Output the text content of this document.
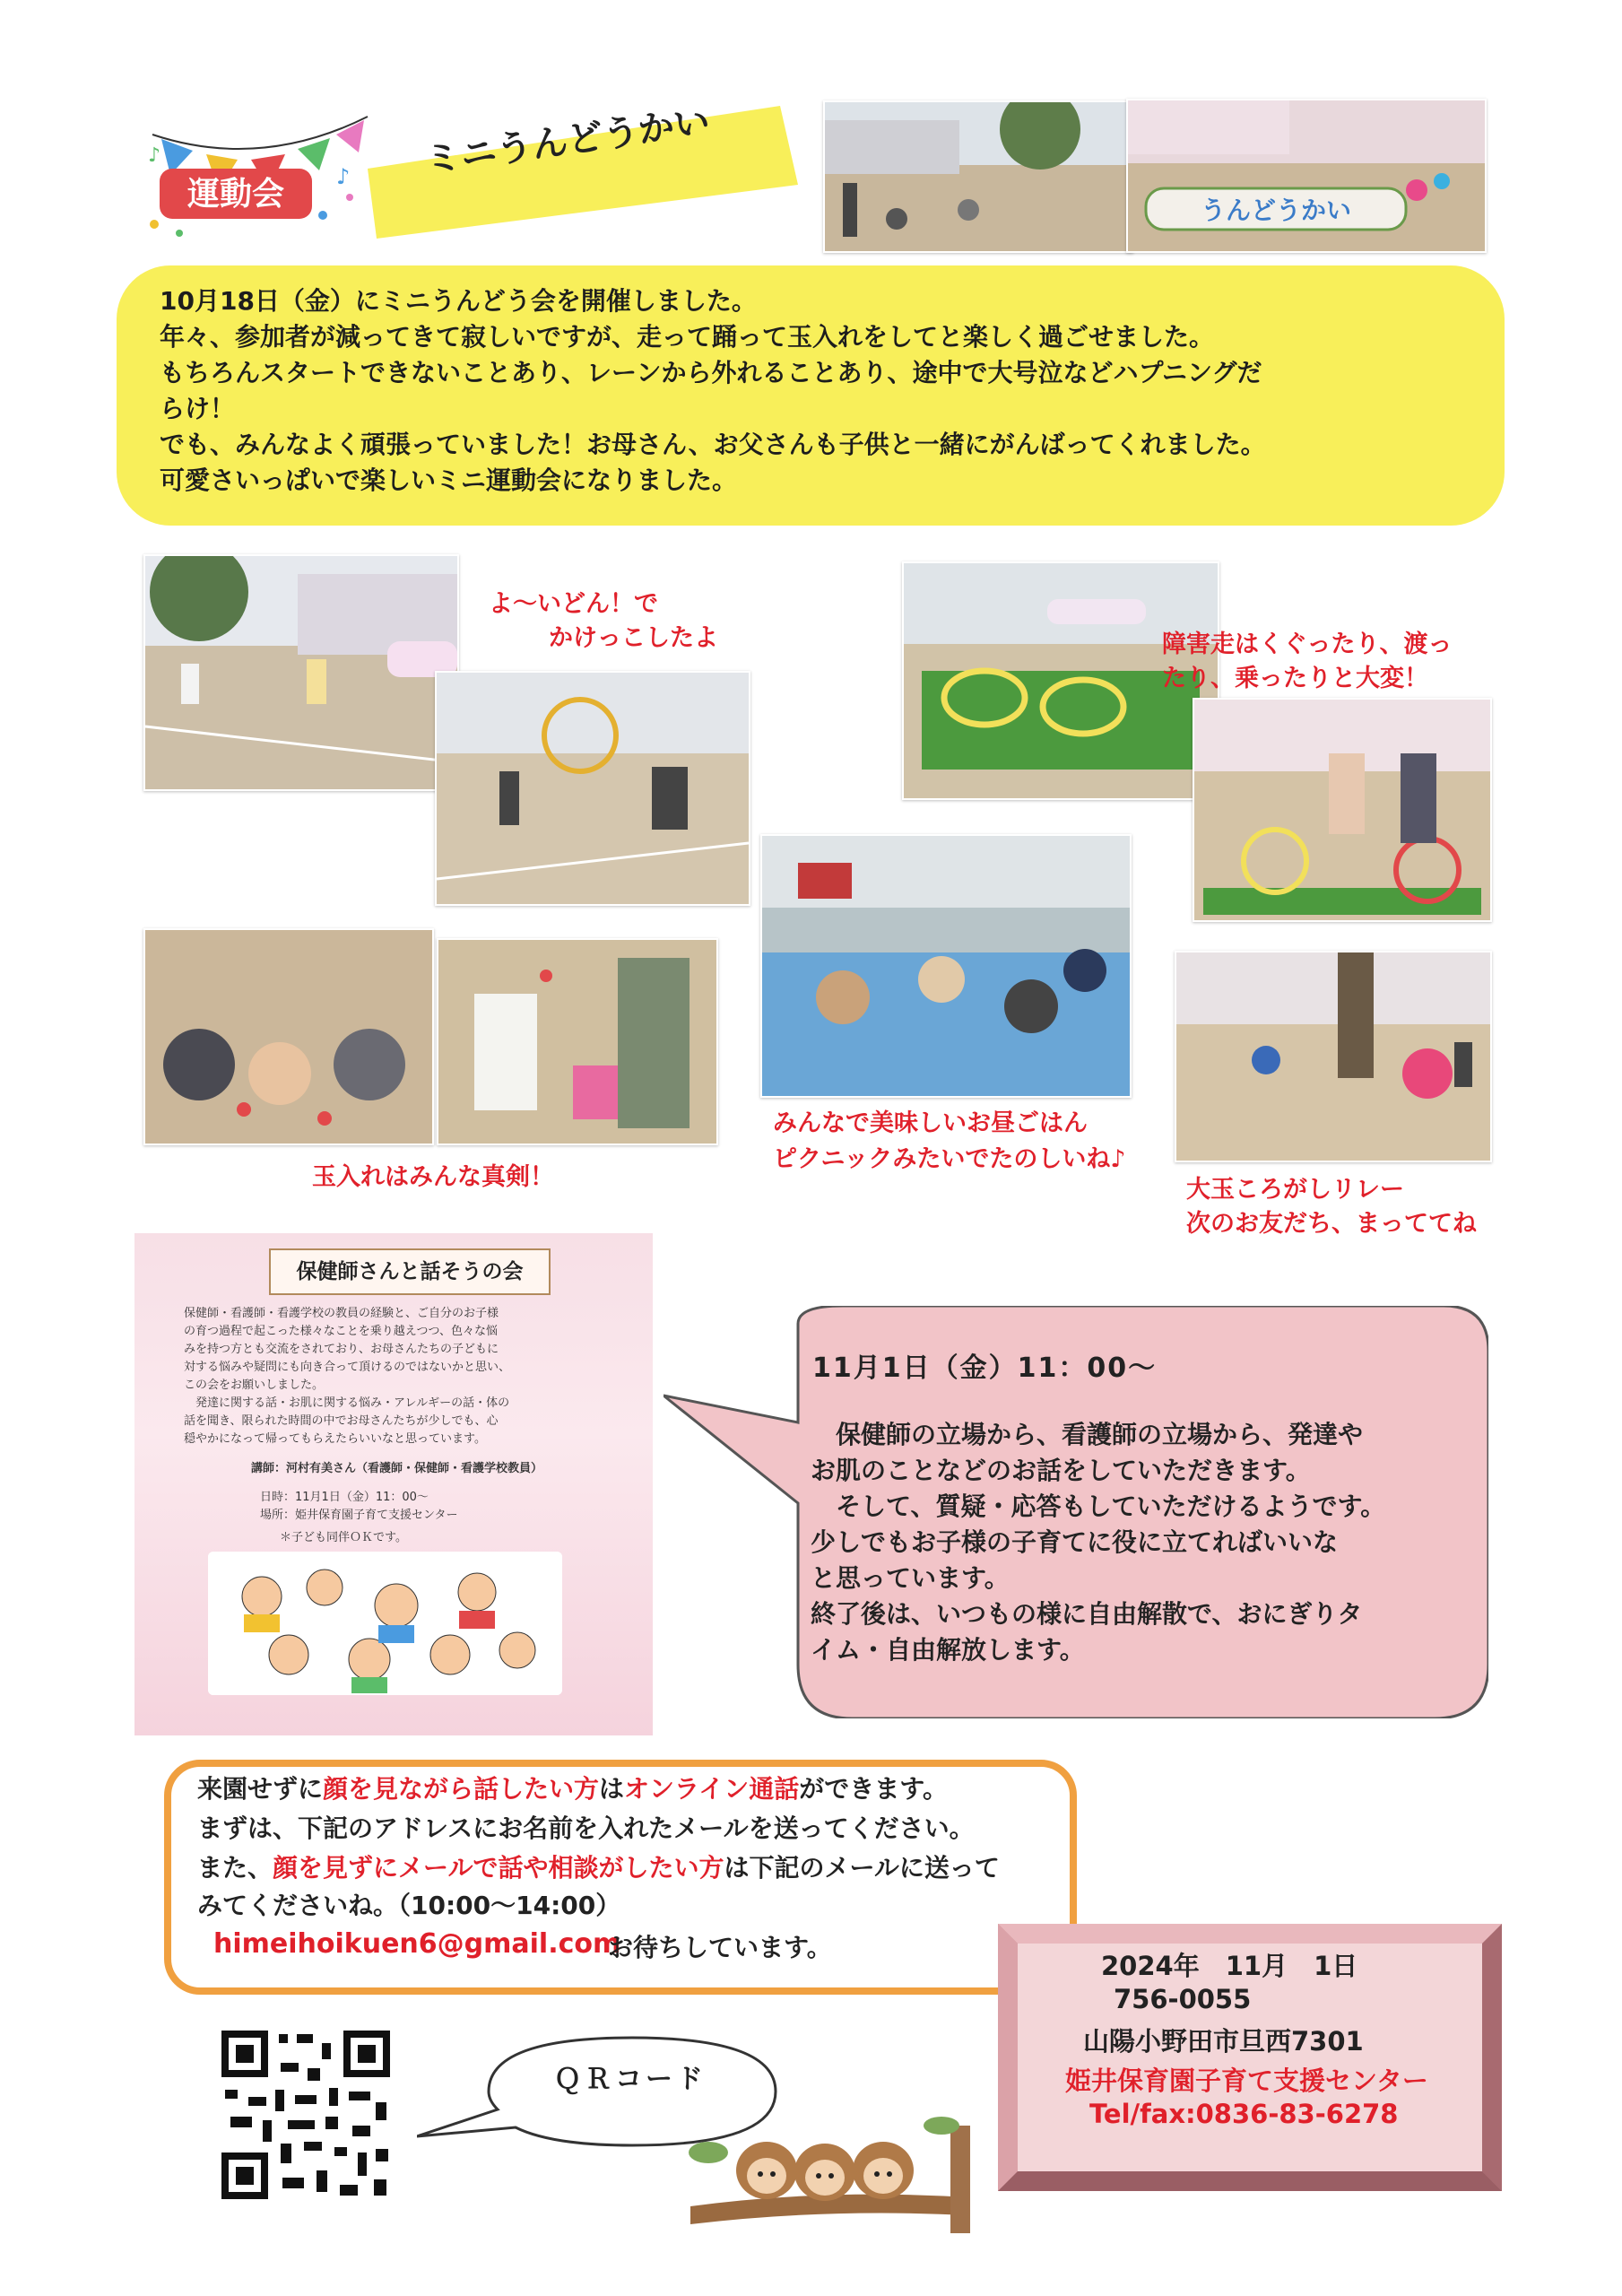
運動会 ♪
♪	ミニうんどうかい
うんどうかい
10月18日（金）にミニうんどう会を開催しました。
年々、参加者が減ってきて寂しいですが、走って踊って玉入れをしてと楽しく過ごせました。
もちろんスタートできないことあり、レーンから外れることあり、途中で大号泣などハプニングだ
らけ！
でも、みんなよく頑張っていました！お母さん、お父さんも子供と一緒にがんばってくれました。
可愛さいっぱいで楽しいミニ運動会になりました。
よ～いどん！で
かけっこしたよ	障害走はくぐったり、渡っ
たり、乗ったりと大変！
玉入れはみんな真剣！
みんなで美味しいお昼ごはん
ピクニックみたいでたのしいね♪
大玉ころがしリレー
次のお友だち、まっててね
保健師さんと話そうの会
保健師・看護師・看護学校の教員の経験と、ご自分のお子様
の育つ過程で起こった様々なことを乗り越えつつ、色々な悩
みを持つ方とも交流をされており、お母さんたちの子どもに
対する悩みや疑問にも向き合って頂けるのではないかと思い、
この会をお願いしました。
　発達に関する話・お肌に関する悩み・アレルギーの話・体の
話を聞き、限られた時間の中でお母さんたちが少しでも、心
穏やかになって帰ってもらえたらいいなと思っています。
講師：河村有美さん（看護師・保健師・看護学校教員）
日時：11月1日（金）11：00～
場所：姫井保育園子育て支援センター
＊子ども同伴ＯＫです。
11月1日（金）11：00～
　保健師の立場から、看護師の立場から、発達や
お肌のことなどのお話をしていただきます。
　そして、質疑・応答もしていただけるようです。
少しでもお子様の子育てに役に立てればいいな
と思っています。
終了後は、いつもの様に自由解散で、おにぎりタ
イム・自由解放します。
来園せずに顔を見ながら話したい方はオンライン通話ができます。
まずは、下記のアドレスにお名前を入れたメールを送ってください。
また、顔を見ずにメールで話や相談がしたい方は下記のメールに送って
みてくださいね。（10:00～14:00）
himeihoikuen6@gmail.com
お待ちしています。
2024年　11月　1日
756-0055
山陽小野田市旦西7301
姫井保育園子育て支援センター
Tel/fax:0836-83-6278
ＱＲコード
